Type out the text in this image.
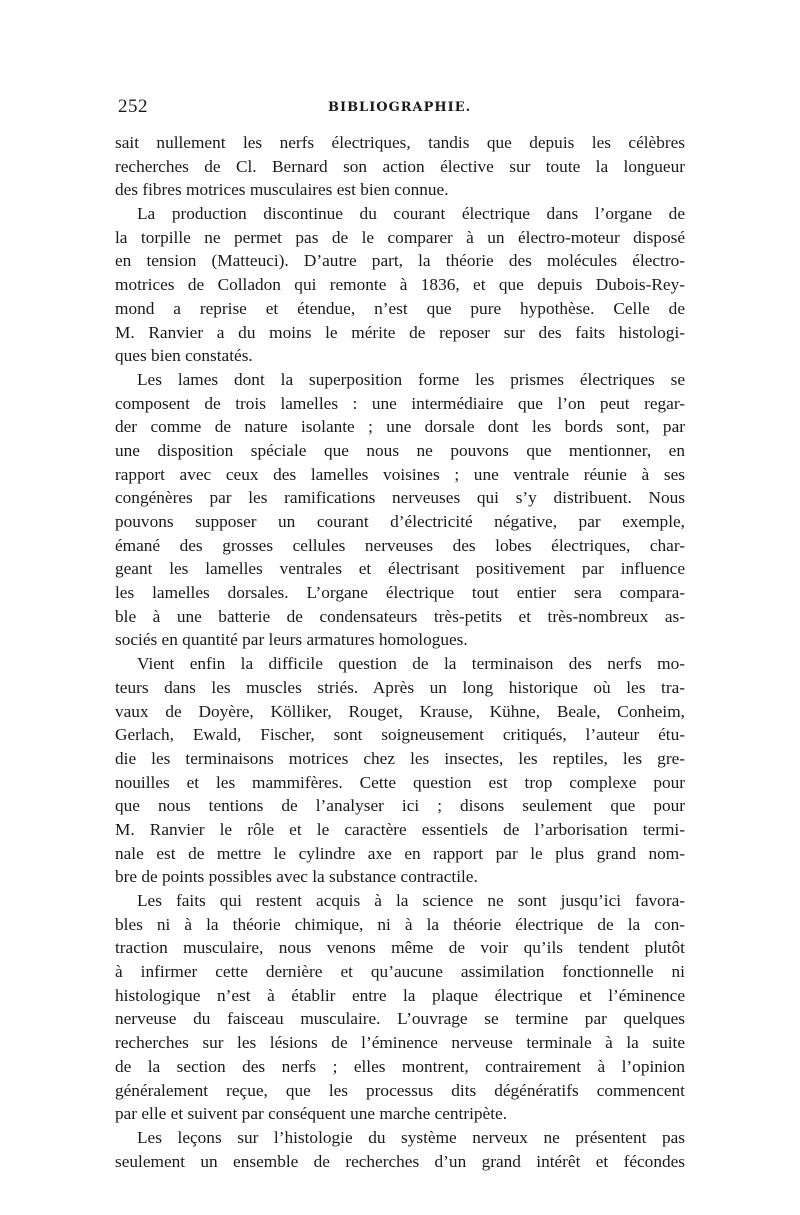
252	BIBLIOGRAPHIE.
sait nullement les nerfs électriques, tandis que depuis les célèbres
recherches de Cl. Bernard son action élective sur toute la longueur
des fibres motrices musculaires est bien connue.
La production discontinue du courant électrique dans l’organe de
la torpille ne permet pas de le comparer à un électro-moteur disposé
en tension (Matteuci). D’autre part, la théorie des molécules électro-
motrices de Colladon qui remonte à 1836, et que depuis Dubois-Rey-
mond a reprise et étendue, n’est que pure hypothèse. Celle de
M. Ranvier a du moins le mérite de reposer sur des faits histologi-
ques bien constatés.
Les lames dont la superposition forme les prismes électriques se
composent de trois lamelles : une intermédiaire que l’on peut regar-
der comme de nature isolante ; une dorsale dont les bords sont, par
une disposition spéciale que nous ne pouvons que mentionner, en
rapport avec ceux des lamelles voisines ; une ventrale réunie à ses
congénères par les ramifications nerveuses qui s’y distribuent. Nous
pouvons supposer un courant d’électricité négative, par exemple,
émané des grosses cellules nerveuses des lobes électriques, char-
geant les lamelles ventrales et électrisant positivement par influence
les lamelles dorsales. L’organe électrique tout entier sera compara-
ble à une batterie de condensateurs très-petits et très-nombreux as-
sociés en quantité par leurs armatures homologues.
Vient enfin la difficile question de la terminaison des nerfs mo-
teurs dans les muscles striés. Après un long historique où les tra-
vaux de Doyère, Kölliker, Rouget, Krause, Kühne, Beale, Conheim,
Gerlach, Ewald, Fischer, sont soigneusement critiqués, l’auteur étu-
die les terminaisons motrices chez les insectes, les reptiles, les gre-
nouilles et les mammifères. Cette question est trop complexe pour
que nous tentions de l’analyser ici ; disons seulement que pour
M. Ranvier le rôle et le caractère essentiels de l’arborisation termi-
nale est de mettre le cylindre axe en rapport par le plus grand nom-
bre de points possibles avec la substance contractile.
Les faits qui restent acquis à la science ne sont jusqu’ici favora-
bles ni à la théorie chimique, ni à la théorie électrique de la con-
traction musculaire, nous venons même de voir qu’ils tendent plutôt
à infirmer cette dernière et qu’aucune assimilation fonctionnelle ni
histologique n’est à établir entre la plaque électrique et l’éminence
nerveuse du faisceau musculaire. L’ouvrage se termine par quelques
recherches sur les lésions de l’éminence nerveuse terminale à la suite
de la section des nerfs ; elles montrent, contrairement à l’opinion
généralement reçue, que les processus dits dégénératifs commencent
par elle et suivent par conséquent une marche centripète.
Les leçons sur l’histologie du système nerveux ne présentent pas
seulement un ensemble de recherches d’un grand intérêt et fécondes
